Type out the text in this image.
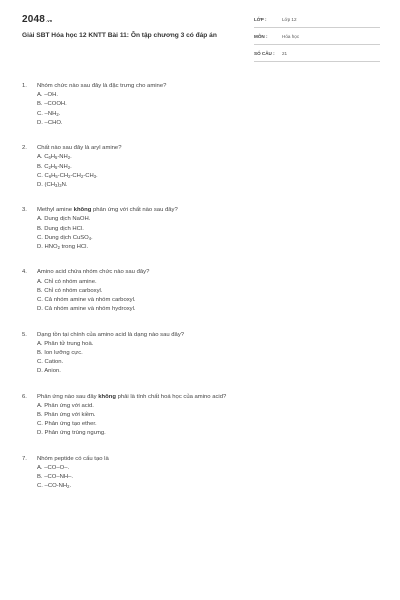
2048.vn
Giải SBT Hóa học 12 KNTT Bài 11: Ôn tập chương 3 có đáp án
LỚP :	Lớp 12
MÔN :	Hóa học
SỐ CÂU : 21
1. Nhóm chức nào sau đây là đặc trưng cho amine?
A. –OH.
B. –COOH.
C. $-NH_2$.
D. –CHO.
2. Chất nào sau đây là aryl amine?
A. $C_6H_5-NH_2$.
B. $C_2H_5-NH_2$.
C. $C_6H_5-CH_2-CH_2-CH_3$.
D. $(CH_3)_3N$.
3. Methyl amine không phản ứng với chất nào sau đây?
A. Dung dịch NaOH.
B. Dung dịch HCl.
C. Dung dịch CuSO$_4$.
D. $HNO_2$ trong HCl.
4. Amino acid chứa nhóm chức nào sau đây?
A. Chỉ có nhóm amine.
B. Chỉ có nhóm carboxyl.
C. Cả nhóm amine và nhóm carboxyl.
D. Cả nhóm amine và nhóm hydroxyl.
5. Dạng tồn tại chính của amino acid là dạng nào sau đây?
A. Phân tử trung hoà.
B. Ion lưỡng cực.
C. Cation.
D. Anion.
6. Phản ứng nào sau đây không phải là tính chất hoá học của amino acid?
A. Phản ứng với acid.
B. Phản ứng với kiềm.
C. Phản ứng tạo ether.
D. Phản ứng trùng ngưng.
7. Nhóm peptide có cấu tạo là
A. –CO–O–.
B. –CO–NH–.
C. $-CO-NH_2$.
